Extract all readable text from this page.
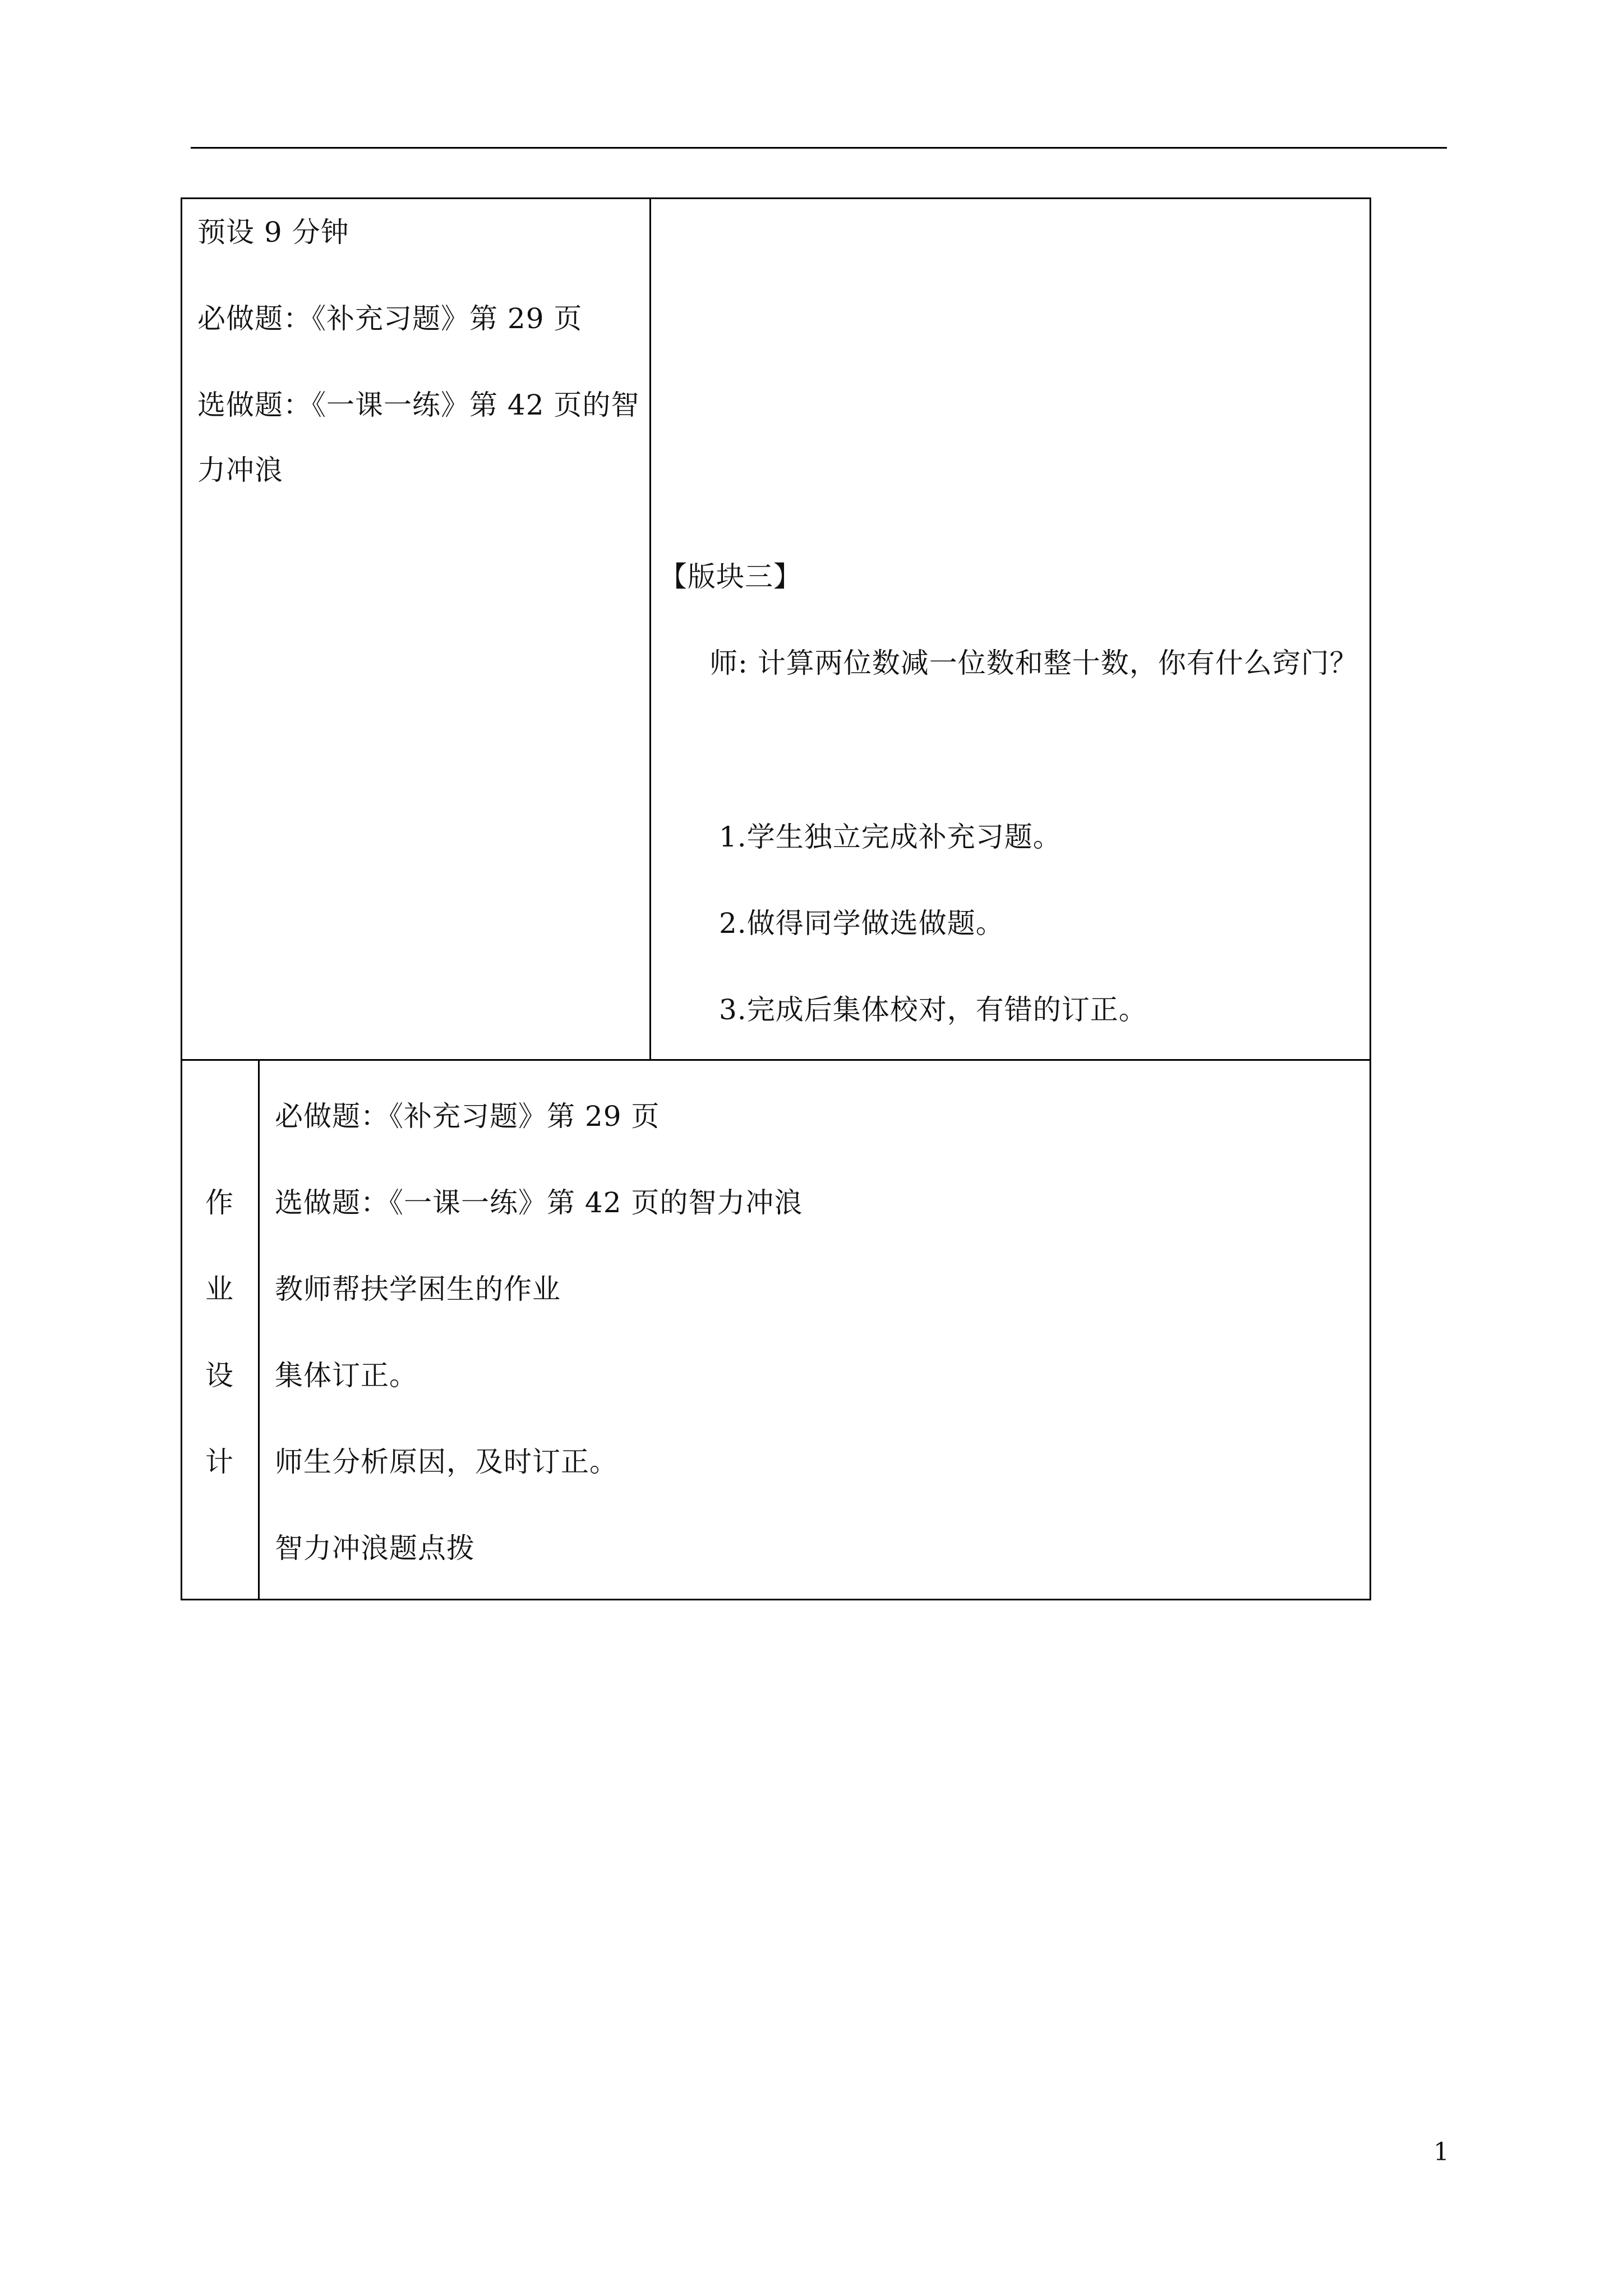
预设 9 分钟
必做题：《补充习题》第 29 页
选做题：《一课一练》第 42 页的智
力冲浪
【版块三】
师: 计算两位数减一位数和整十数，你有什么窍门？
1.学生独立完成补充习题。
2.做得同学做选做题。
3.完成后集体校对，有错的订正。
作
业
设
计
必做题：《补充习题》第 29 页
选做题：《一课一练》第 42 页的智力冲浪
教师帮扶学困生的作业
集体订正。
师生分析原因，及时订正。
智力冲浪题点拨
1
